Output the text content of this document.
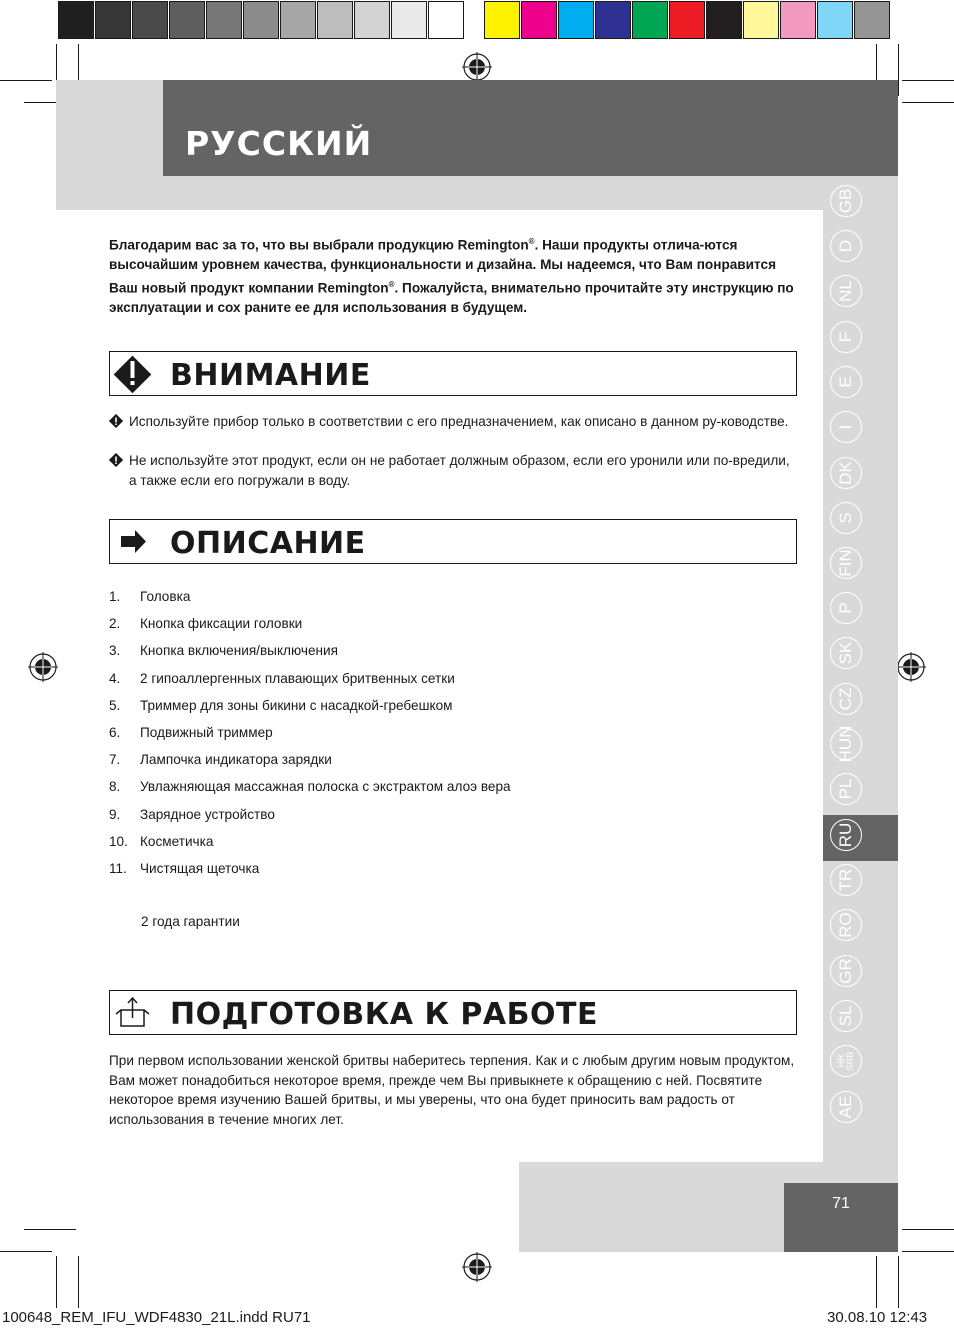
РУССКИЙ
GB
D
NL
F
E
I
DK
S
FIN
P
SK
CZ
HUN
PL
RU
TR
RO
GR
SL
HR
SRB
AE
71
Благодарим вас за то, что вы выбрали продукцию Remington®. Наши продукты отлича-ются высочайшим уровнем качества, функциональности и дизайна. Мы надеемся, что Вам понравится Ваш новый продукт компании Remington®. Пожалуйста, внимательно прочитайте эту инструкцию по эксплуатации и сох раните ее для использования в будущем.
ВНИМАНИЕ

Используйте прибор только в соответствии с его предназначением, как описано в данном ру-ководстве.

Не используйте этот продукт, если он не работает должным образом, если его уронили или по-вредили, а также если его погружали в воду.

ОПИСАНИЕ
1.	Головка
2.	Кнопка фиксации головки
3.	Кнопка включения/выключения
4.	2 гипоаллергенных плавающих бритвенных сетки
5.	Триммер для зоны бикини с насадкой-гребешком
6.	Подвижный триммер
7.	Лампочка индикатора зарядки
8.	Увлажняющая массажная полоска с экстрактом алоэ вера
9.	Зарядное устройство
10. Косметичка
11. Чистящая щеточка
2 года гарантии
ПОДГОТОВКА К РАБОТЕ
При первом использовании женской бритвы наберитесь терпения. Как и с любым другим новым продуктом, Вам может понадобиться некоторое время, прежде чем Вы привыкнете к обращению с ней. Посвятите некоторое время изучению Вашей бритвы, и мы уверены, что она будет приносить вам радость от использования в течение многих лет.
100648_REM_IFU_WDF4830_21L.indd RU71	30.08.10 12:43
